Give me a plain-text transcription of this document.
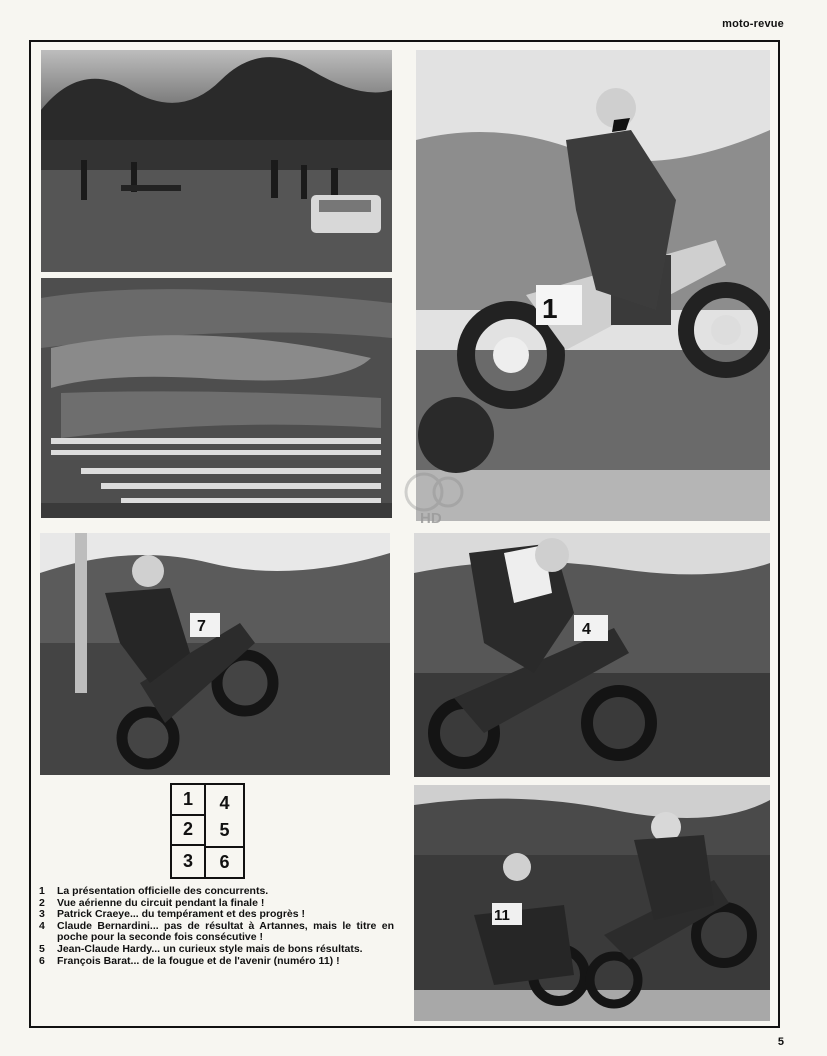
moto-revue
1
7	4
11
HD
1
2
3
4
5
6
1	La présentation officielle des concurrents.
2	Vue aérienne du circuit pendant la finale !
3	Patrick Craeye... du tempérament et des progrès !
4	Claude Bernardini... pas de résultat à Artannes, mais le titre en poche pour la seconde fois consécutive !
5	Jean-Claude Hardy... un curieux style mais de bons résultats.
6	François Barat... de la fougue et de l'avenir (numéro 11) !
5
